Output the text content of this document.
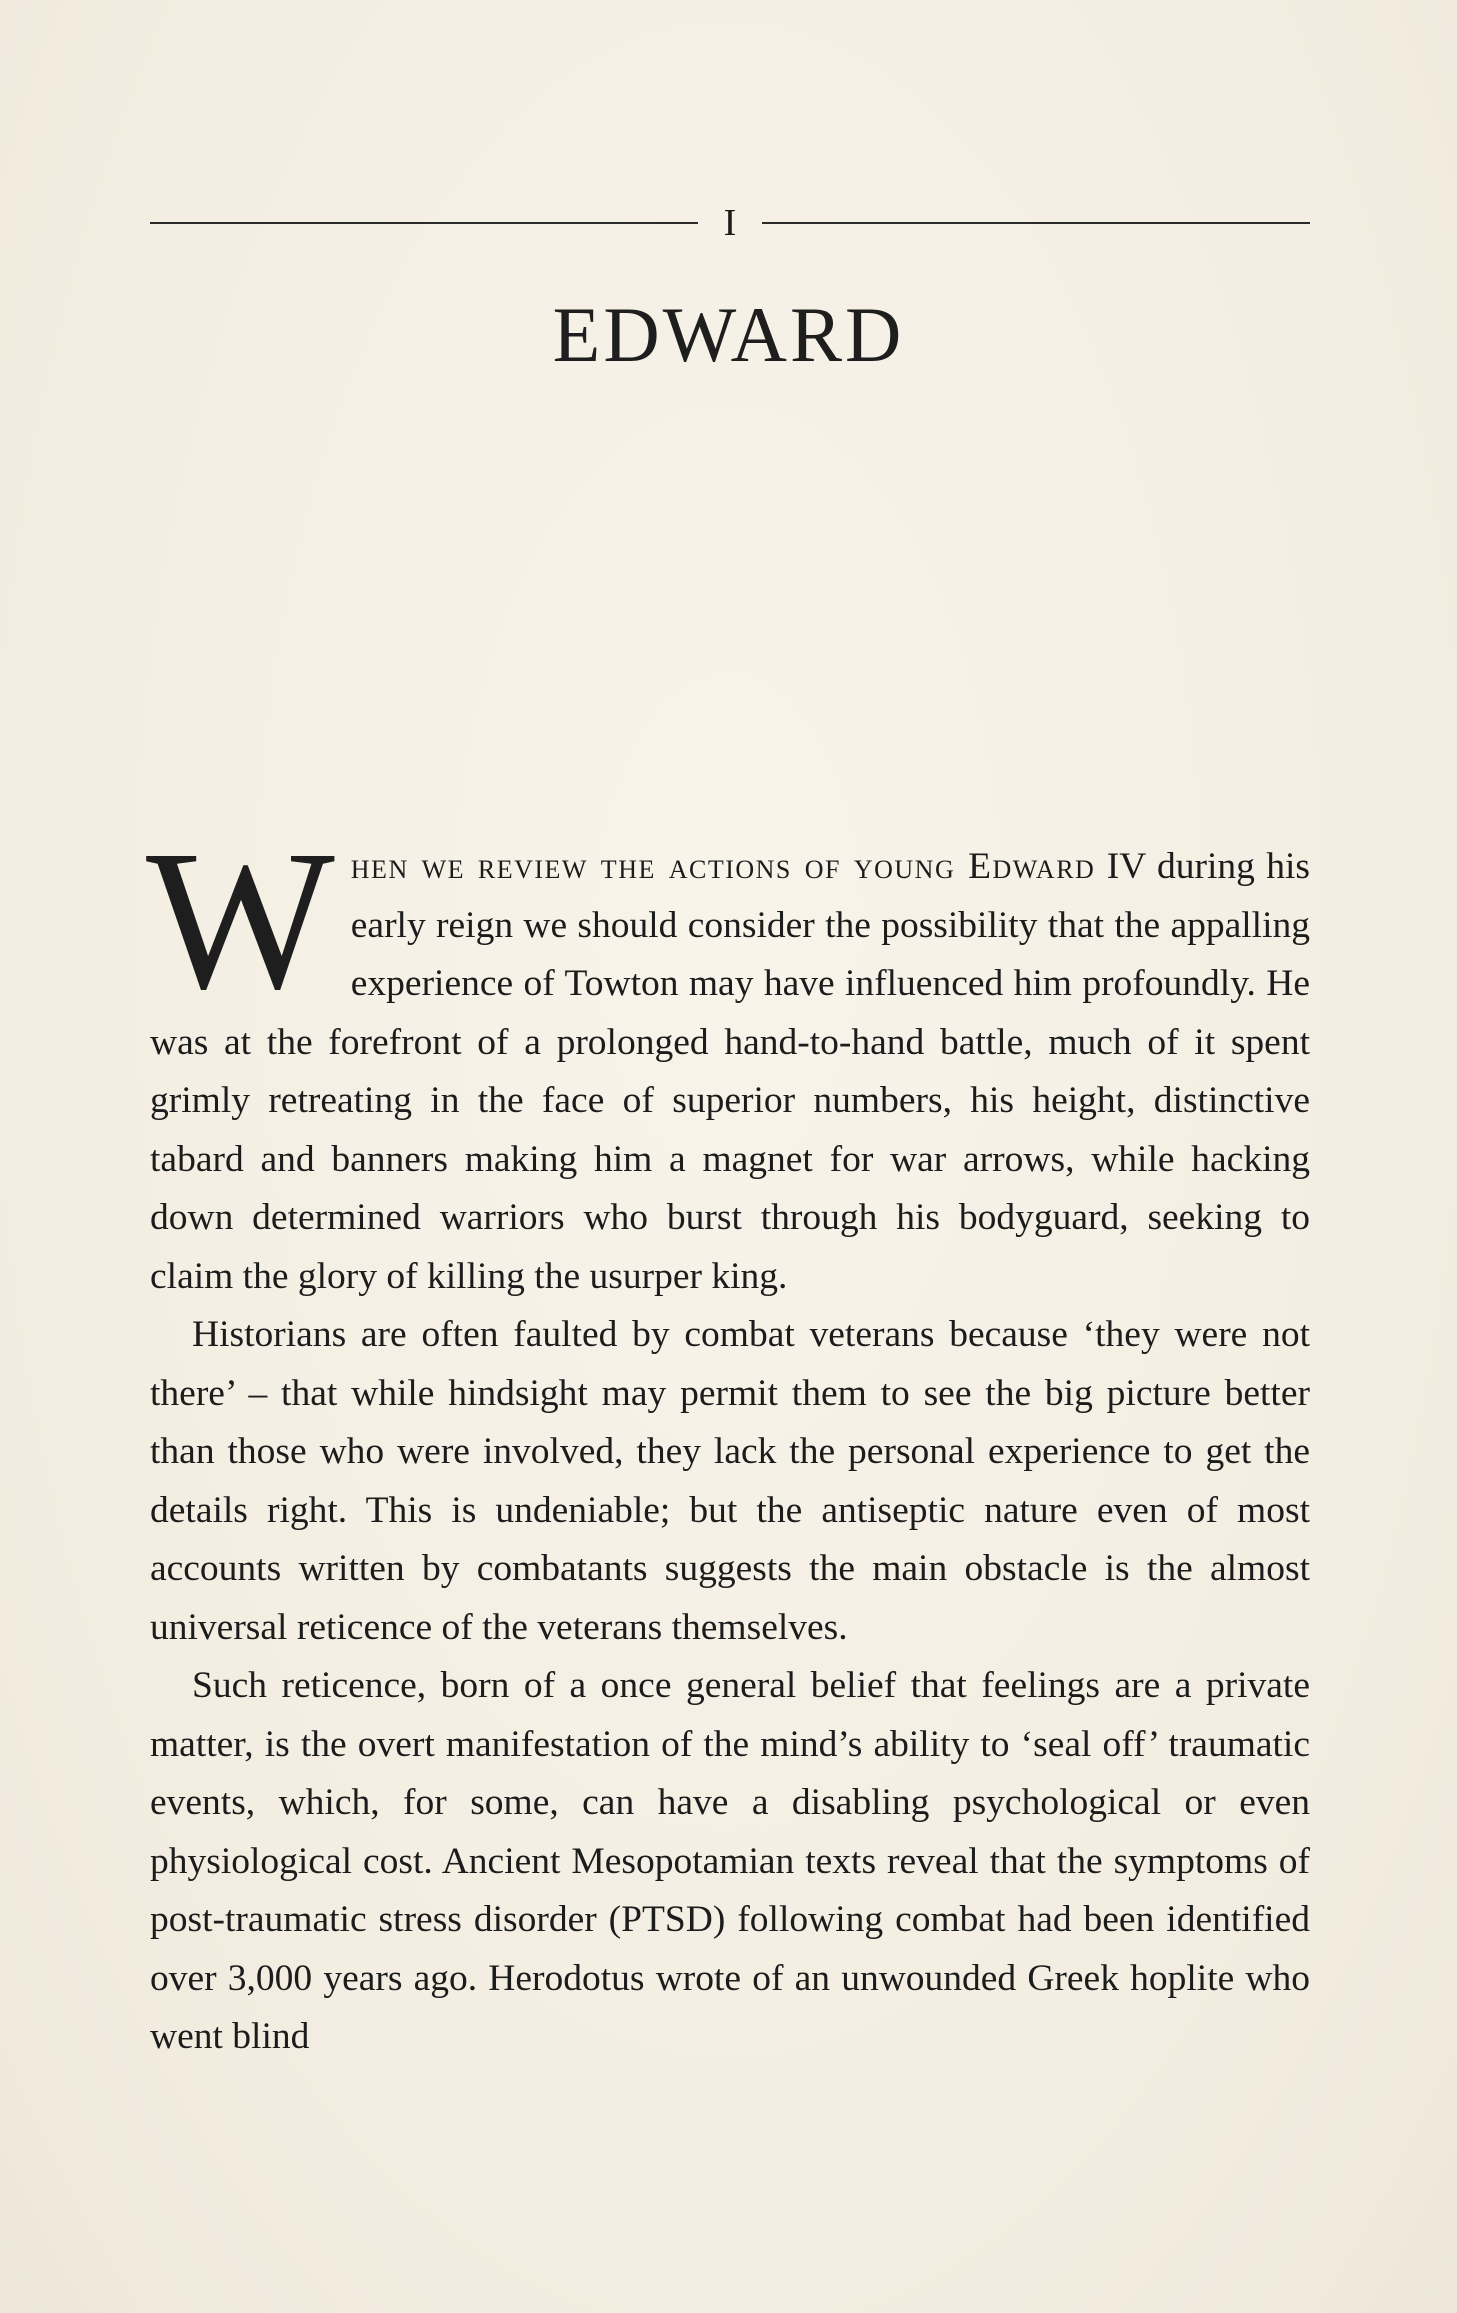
I
EDWARD

When we review the actions of young Edward IV during his early reign we should consider the possibility that the appalling experience of Towton may have influenced him profoundly. He was at the forefront of a prolonged hand-to-hand battle, much of it spent grimly retreating in the face of superior numbers, his height, distinctive tabard and banners making him a magnet for war arrows, while hacking down determined warriors who burst through his bodyguard, seeking to claim the glory of killing the usurper king.

Historians are often faulted by combat veterans because ‘they were not there’ – that while hindsight may permit them to see the big picture better than those who were involved, they lack the personal experience to get the details right. This is undeniable; but the antiseptic nature even of most accounts written by combatants suggests the main obstacle is the almost universal reticence of the veterans themselves.

Such reticence, born of a once general belief that feelings are a private matter, is the overt manifestation of the mind’s ability to ‘seal off’ traumatic events, which, for some, can have a disabling psychological or even physiological cost. Ancient Mesopotamian texts reveal that the symptoms of post-traumatic stress disorder (PTSD) following combat had been identified over 3,000 years ago. Herodotus wrote of an unwounded Greek hoplite who went blind
